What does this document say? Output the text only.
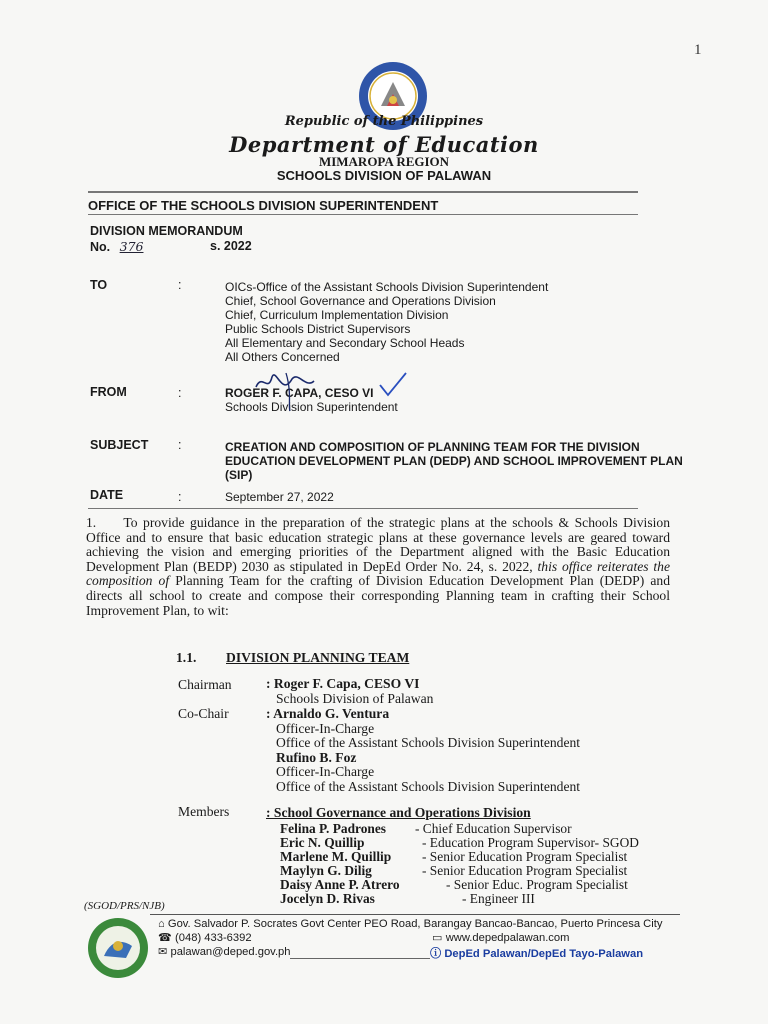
1
Republic of the Philippines
Department of Education
MIMAROPA REGION
SCHOOLS DIVISION OF PALAWAN
OFFICE OF THE SCHOOLS DIVISION SUPERINTENDENT
DIVISION MEMORANDUM
No. 376	s. 2022
TO	:	OICs-Office of the Assistant Schools Division Superintendent
Chief, School Governance and Operations Division
Chief, Curriculum Implementation Division
Public Schools District Supervisors
All Elementary and Secondary School Heads
All Others Concerned
FROM	:	ROGER F. CAPA, CESO VI
Schools Division Superintendent
SUBJECT :	CREATION AND COMPOSITION OF PLANNING TEAM FOR THE DIVISION EDUCATION DEVELOPMENT PLAN (DEDP) AND SCHOOL IMPROVEMENT PLAN (SIP)
DATE	:	September 27, 2022
1.  To provide guidance in the preparation of the strategic plans at the schools & Schools Division Office and to ensure that basic education strategic plans at these governance levels are geared toward achieving the vision and emerging priorities of the Department aligned with the Basic Education Development Plan (BEDP) 2030 as stipulated in DepEd Order No. 24, s. 2022, this office reiterates the composition of Planning Team for the crafting of Division Education Development Plan (DEDP) and directs all school to create and compose their corresponding Planning team in crafting their School Improvement Plan, to wit:
1.1. DIVISION PLANNING TEAM
Chairman	: Roger F. Capa, CESO VI
Schools Division of Palawan
Co-Chair	: Arnaldo G. Ventura
Officer-In-Charge
Office of the Assistant Schools Division Superintendent
Rufino B. Foz
Officer-In-Charge
Office of the Assistant Schools Division Superintendent
Members	: School Governance and Operations Division
Felina P. Padrones - Chief Education Supervisor
Eric N. Quillip	- Education Program Supervisor- SGOD
Marlene M. Quillip - Senior Education Program Specialist
Maylyn G. Dilig	- Senior Education Program Specialist
Daisy Anne P. Atrero	- Senior Educ. Program Specialist
Jocelyn D. Rivas	- Engineer III
(SGOD/PRS/NJB)
⌂ Gov. Salvador P. Socrates Govt Center PEO Road, Barangay Bancao-Bancao, Puerto Princesa City
☎ (048) 433-6392	▭ www.depedpalawan.com
✉ palawan@deped.gov.ph	ⓘ DepEd Palawan/DepEd Tayo-Palawan
